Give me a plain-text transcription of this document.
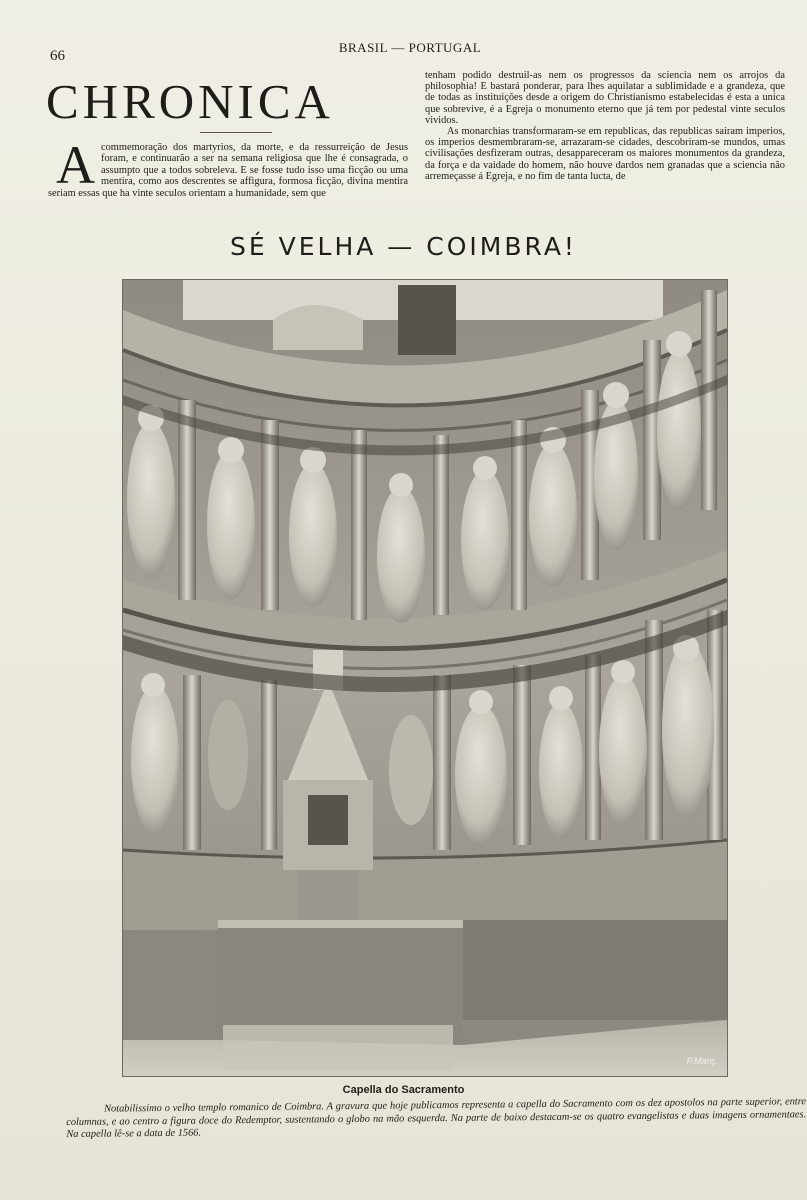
66
BRASIL — PORTUGAL
CHRONICA
A commemoração dos martyrios, da morte, e da ressurreição de Jesus foram, e continuarão a ser na semana religiosa que lhe é consagrada, o assumpto que a todos sobreleva. E se fosse tudo isso uma ficção ou uma mentira, como aos descrentes se affigura, formosa ficção, divina mentira seriam essas que ha vinte seculos orientam a humanidade, sem que

tenham podido destruil-as nem os progressos da sciencia nem os arrojos da philosophia! E bastará ponderar, para lhes aquilatar a sublimidade e a grandeza, que de todas as instituições desde a origem do Christianismo estabelecidas é esta a unica que sobrevive, é a Egreja o monumento eterno que já tem por pedestal vinte seculos vividos.

As monarchias transformaram-se em republicas, das republicas sairam imperios, os imperios desmembraram-se, arrazaram-se cidades, descobriram-se mundos, umas civilisações desfizeram outras, desappareceram os maiores monumentos da grandeza, da força e da vaidade do homem, não houve dardos nem granadas que a sciencia não arremeçasse á Egreja, e no fim de tanta lucta, de

SÉ VELHA — COIMBRA!
P.Marq.
Capella do Sacramento
Notabilissimo o velho templo romanico de Coimbra. A gravura que hoje publicamos representa a capella do Sacramento com os dez apostolos na parte superior, entre columnas, e ao centro a figura doce do Redemptor, sustentando o globo na mão esquerda. Na parte de baixo destacam-se os quatro evangelistas e duas imagens ornamentaes. Na capella lê-se a data de 1566.
